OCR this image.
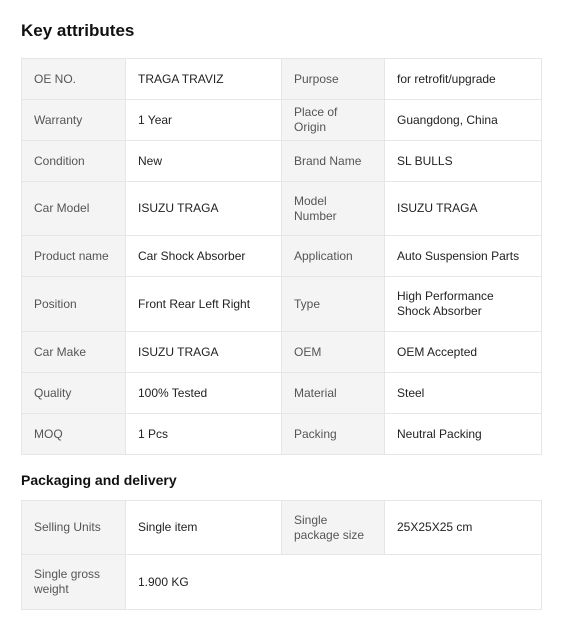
Key attributes
OE NO.	TRAGA TRAVIZ	Purpose	for retrofit/upgrade
Warranty	1 Year	Place of Origin	Guangdong, China
Condition	New	Brand Name	SL BULLS
Car Model	ISUZU TRAGA	Model Number	ISUZU TRAGA
Product name	Car Shock Absorber	Application	Auto Suspension Parts
Position	Front Rear Left Right	Type	High Performance Shock Absorber
Car Make	ISUZU TRAGA	OEM	OEM Accepted
Quality	100% Tested	Material	Steel
MOQ	1 Pcs	Packing	Neutral Packing
Packaging and delivery
Selling Units	Single item	Single package size	25X25X25 cm
Single gross weight	1.900 KG		
